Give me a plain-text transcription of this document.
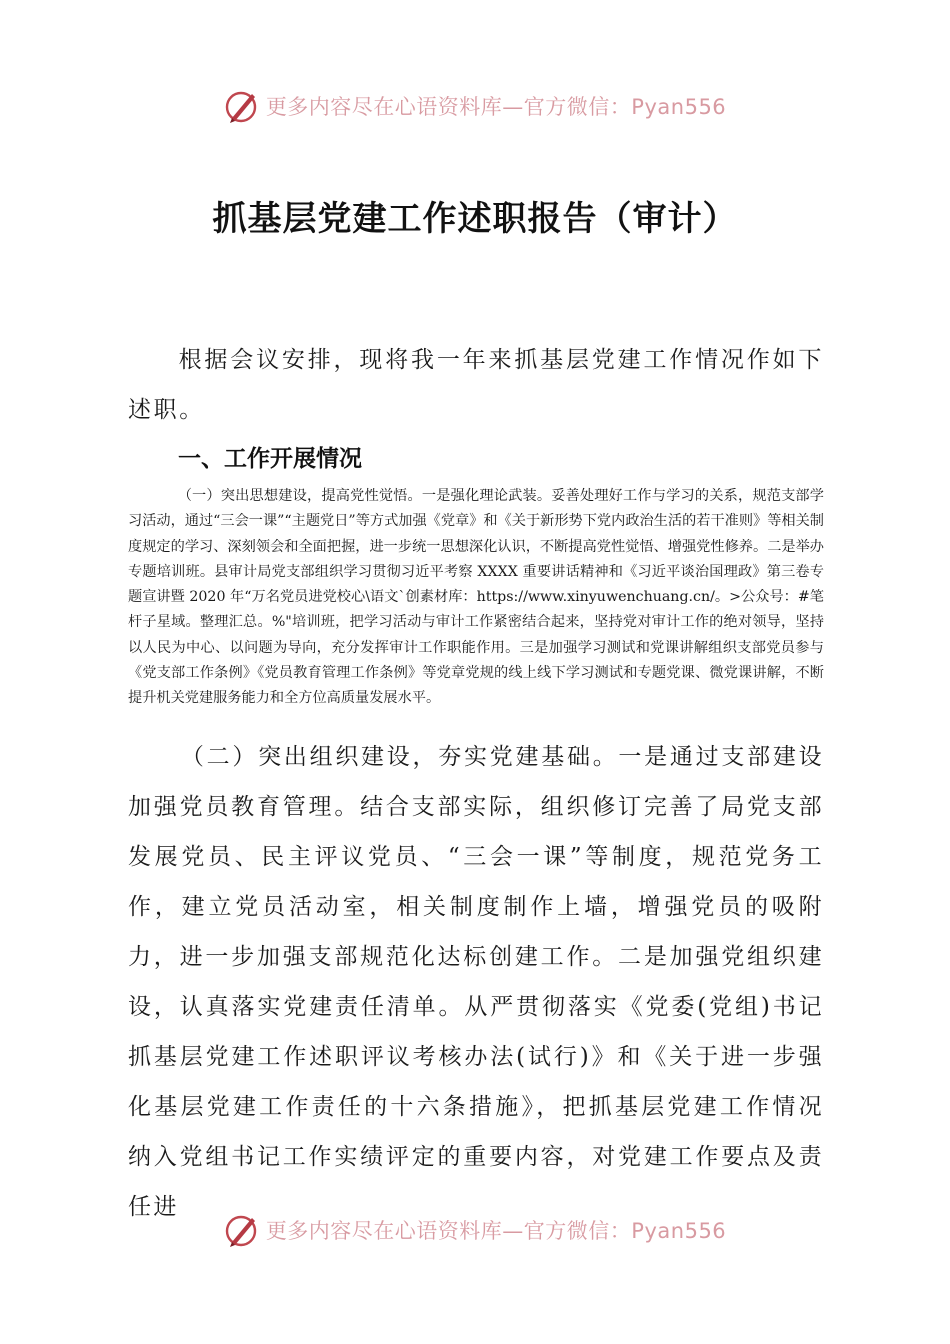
更多内容尽在心语资料库—官方微信：Pyan556
抓基层党建工作述职报告（审计）

根据会议安排，现将我一年来抓基层党建工作情况作如下述职。

一、工作开展情况

（一）突出思想建设，提高党性觉悟。一是强化理论武装。妥善处理好工作与学习的关系，规范支部学习活动，通过“三会一课”“主题党日”等方式加强《党章》和《关于新形势下党内政治生活的若干准则》等相关制度规定的学习、深刻领会和全面把握，进一步统一思想深化认识，不断提高党性觉悟、增强党性修养。二是举办专题培训班。县审计局党支部组织学习贯彻习近平考察 XXXX 重要讲话精神和《习近平谈治国理政》第三卷专题宣讲暨 2020 年“万名党员进党校心\语文`创素材库：https://www.xinyuwenchuang.cn/。>公众号：#笔杆子星域。整理汇总。%"培训班，把学习活动与审计工作紧密结合起来，坚持党对审计工作的绝对领导，坚持以人民为中心、以问题为导向，充分发挥审计工作职能作用。三是加强学习测试和党课讲解组织支部党员参与《党支部工作条例》《党员教育管理工作条例》等党章党规的线上线下学习测试和专题党课、微党课讲解，不断提升机关党建服务能力和全方位高质量发展水平。

（二）突出组织建设，夯实党建基础。一是通过支部建设加强党员教育管理。结合支部实际，组织修订完善了局党支部发展党员、民主评议党员、“三会一课”等制度，规范党务工作，建立党员活动室，相关制度制作上墙，增强党员的吸附力，进一步加强支部规范化达标创建工作。二是加强党组织建设，认真落实党建责任清单。从严贯彻落实《党委(党组)书记抓基层党建工作述职评议考核办法(试行)》和《关于进一步强化基层党建工作责任的十六条措施》，把抓基层党建工作情况纳入党组书记工作实绩评定的重要内容，对党建工作要点及责任进

更多内容尽在心语资料库—官方微信：Pyan556
